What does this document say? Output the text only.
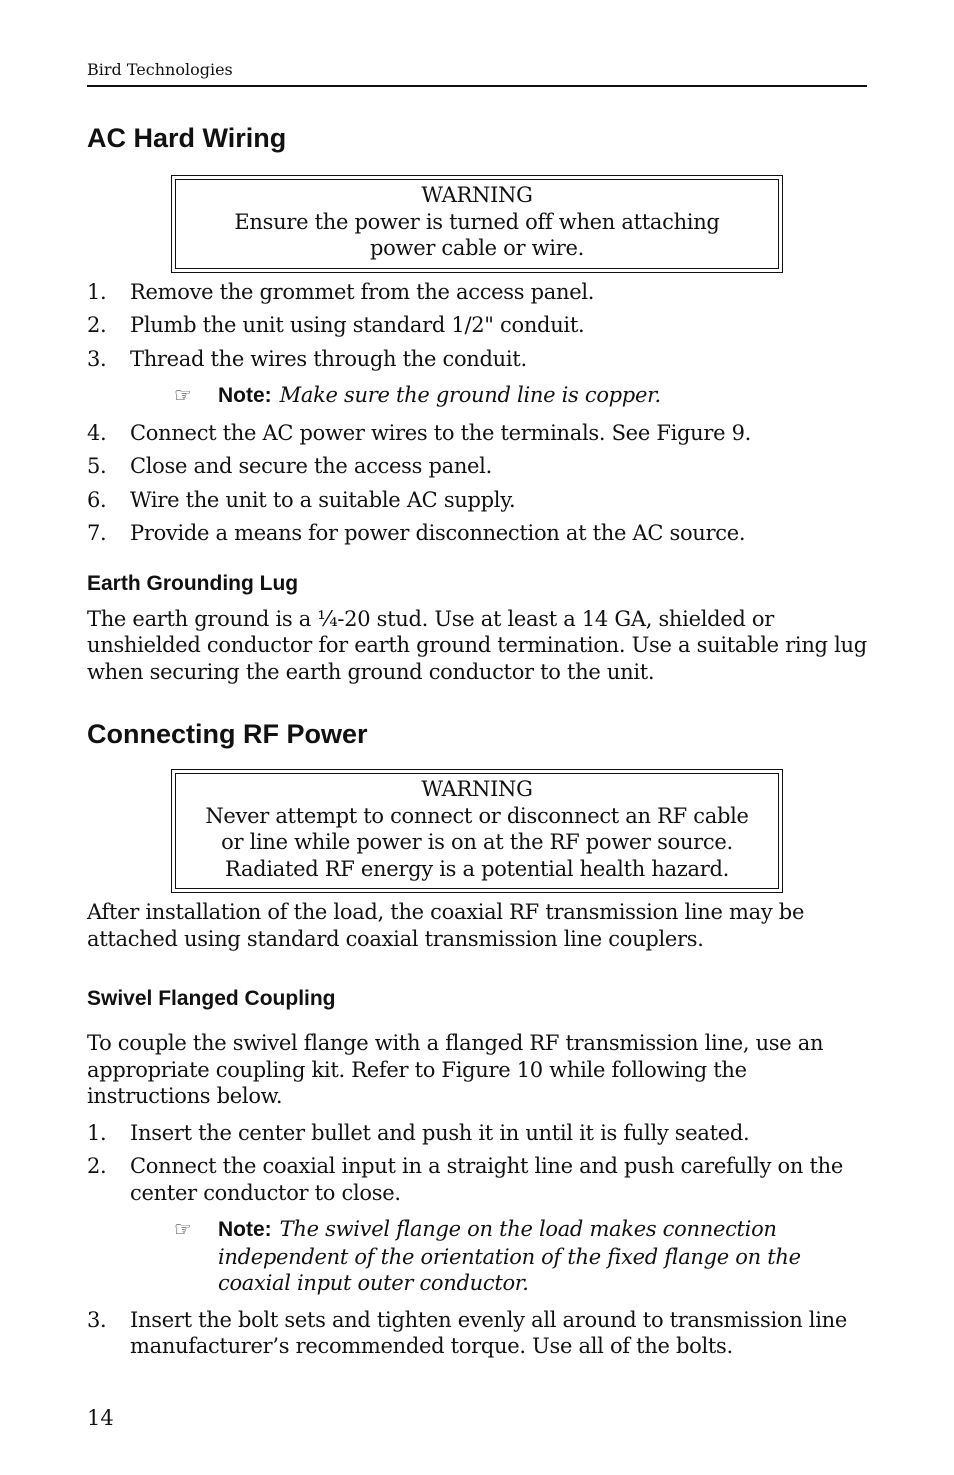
Bird Technologies
AC Hard Wiring
WARNING
Ensure the power is turned off when attaching
power cable or wire.
1. Remove the grommet from the access panel.
2. Plumb the unit using standard 1/2" conduit.
3. Thread the wires through the conduit.
☞ Note: Make sure the ground line is copper.
4. Connect the AC power wires to the terminals. See Figure 9.
5. Close and secure the access panel.
6. Wire the unit to a suitable AC supply.
7. Provide a means for power disconnection at the AC source.
Earth Grounding Lug

The earth ground is a ¼-20 stud. Use at least a 14 GA, shielded or unshielded conductor for earth ground termination. Use a suitable ring lug when securing the earth ground conductor to the unit.

Connecting RF Power
WARNING
Never attempt to connect or disconnect an RF cable
or line while power is on at the RF power source.
Radiated RF energy is a potential health hazard.

After installation of the load, the coaxial RF transmission line may be attached using standard coaxial transmission line couplers.

Swivel Flanged Coupling

To couple the swivel flange with a flanged RF transmission line, use an appropriate coupling kit. Refer to Figure 10 while following the instructions below.

1. Insert the center bullet and push it in until it is fully seated.
2. Connect the coaxial input in a straight line and push carefully on the center conductor to close.
☞ Note: The swivel flange on the load makes connection independent of the orientation of the fixed flange on the coaxial input outer conductor.
3. Insert the bolt sets and tighten evenly all around to transmission line manufacturer’s recommended torque. Use all of the bolts.
14
